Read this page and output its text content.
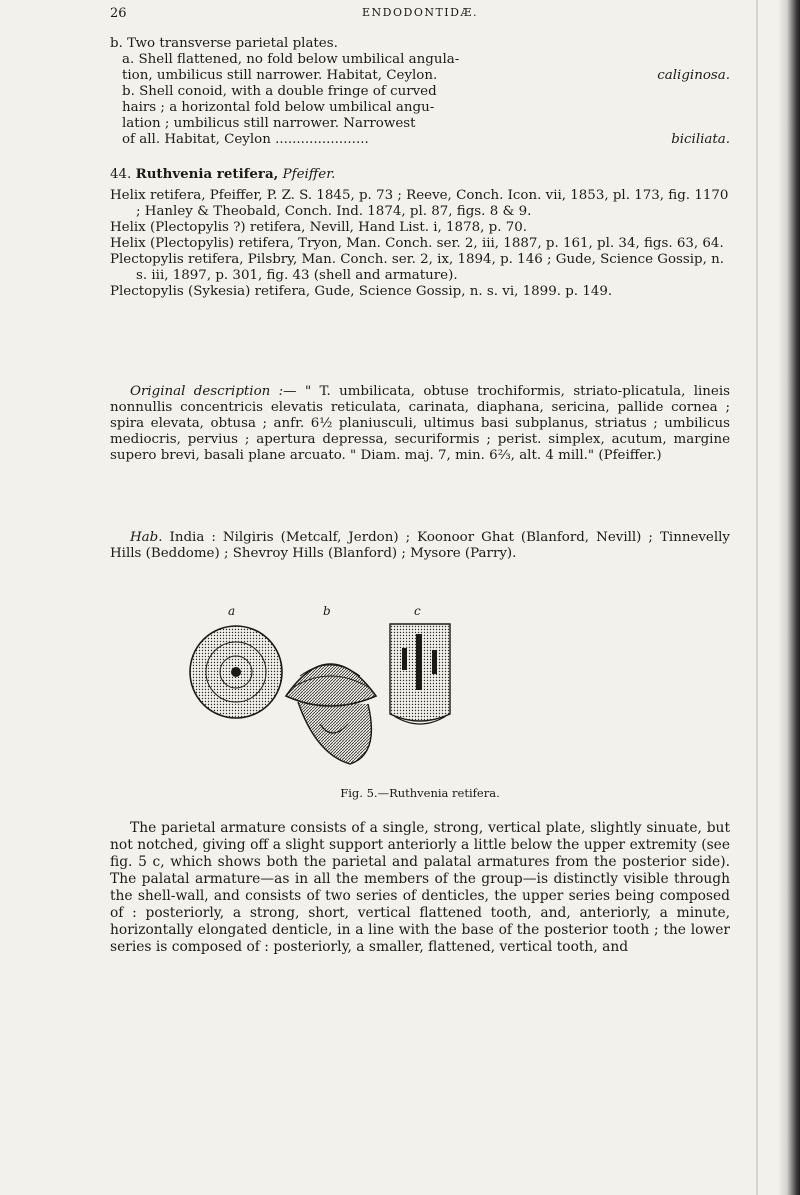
26	ENDODONTIDÆ.
b. Two transverse parietal plates.
a. Shell flattened, no fold below umbilical angula-
tion, umbilicus still narrower. Habitat, Ceylon.	caliginosa.
b. Shell conoid, with a double fringe of curved
hairs ; a horizontal fold below umbilical angu-
lation ; umbilicus still narrower. Narrowest
of all. Habitat, Ceylon ......................	biciliata.
44. Ruthvenia retifera, Pfeiffer.
Helix retifera, Pfeiffer, P. Z. S. 1845, p. 73 ; Reeve, Conch. Icon. vii, 1853, pl. 173, fig. 1170 ; Hanley & Theobald, Conch. Ind. 1874, pl. 87, figs. 8 & 9.
Helix (Plectopylis ?) retifera, Nevill, Hand List. i, 1878, p. 70.
Helix (Plectopylis) retifera, Tryon, Man. Conch. ser. 2, iii, 1887, p. 161, pl. 34, figs. 63, 64.
Plectopylis retifera, Pilsbry, Man. Conch. ser. 2, ix, 1894, p. 146 ; Gude, Science Gossip, n. s. iii, 1897, p. 301, fig. 43 (shell and armature).
Plectopylis (Sykesia) retifera, Gude, Science Gossip, n. s. vi, 1899. p. 149.
Original description :— " T. umbilicata, obtuse trochiformis, striato-plicatula, lineis nonnullis concentricis elevatis reticulata, carinata, diaphana, sericina, pallide cornea ; spira elevata, obtusa ; anfr. 6½ planiusculi, ultimus basi subplanus, striatus ; umbilicus mediocris, pervius ; apertura depressa, securiformis ; perist. simplex, acutum, margine supero brevi, basali plane arcuato. " Diam. maj. 7, min. 6⅔, alt. 4 mill." (Pfeiffer.)
Hab. India : Nilgiris (Metcalf, Jerdon) ; Koonoor Ghat (Blanford, Nevill) ; Tinnevelly Hills (Beddome) ; Shevroy Hills (Blanford) ; Mysore (Parry).
a	b	c
Fig. 5.—Ruthvenia retifera.
The parietal armature consists of a single, strong, vertical plate, slightly sinuate, but not notched, giving off a slight support anteriorly a little below the upper extremity (see fig. 5 c, which shows both the parietal and palatal armatures from the posterior side). The palatal armature—as in all the members of the group—is distinctly visible through the shell-wall, and consists of two series of denticles, the upper series being composed of : posteriorly, a strong, short, vertical flattened tooth, and, anteriorly, a minute, horizontally elongated denticle, in a line with the base of the posterior tooth ; the lower series is composed of : posteriorly, a smaller, flattened, vertical tooth, and
